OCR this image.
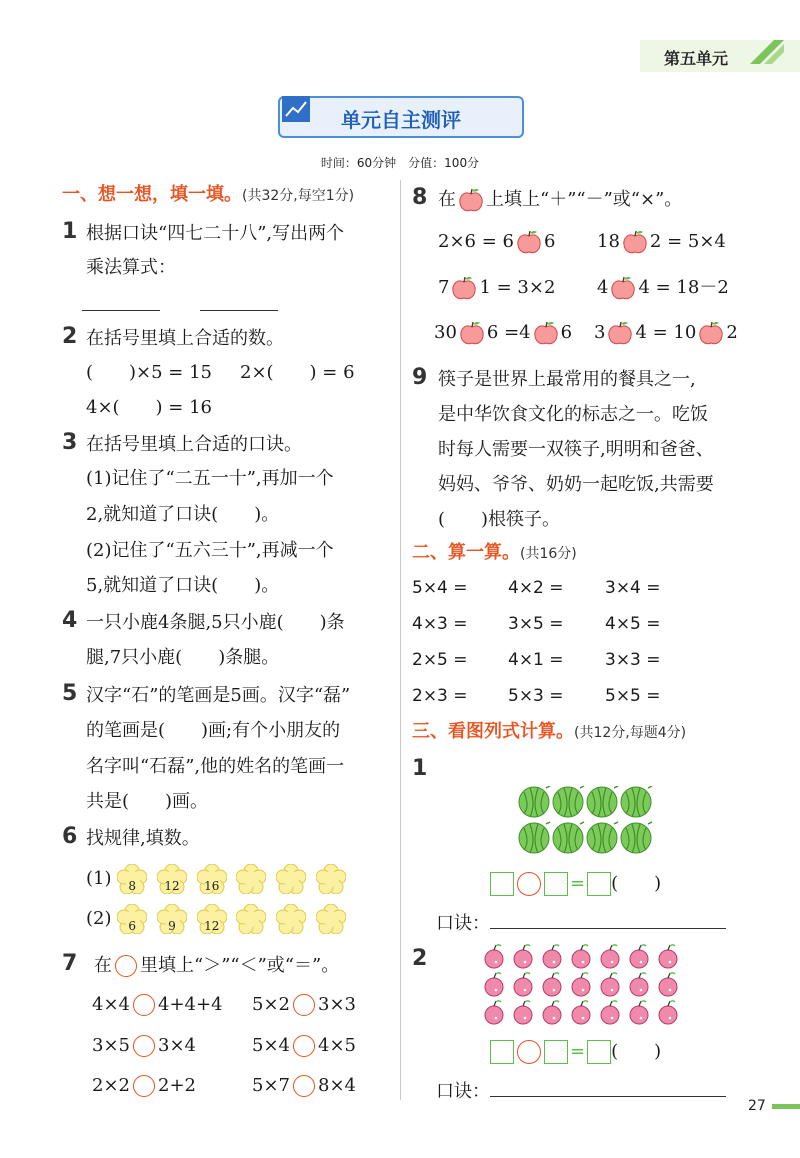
第五单元
单元自主测评
时间：60分钟　分值：100分
一、想一想，填一填。(共32分,每空1分)
1 根据口诀“四七二十八”,写出两个
乘法算式：
2 在括号里填上合适的数。
(　　)×5 = 15 2×(　　) = 6
4×(　　) = 16
3 在括号里填上合适的口诀。
(1)记住了“二五一十”,再加一个
2,就知道了口诀(　　)。
(2)记住了“五六三十”,再减一个
5,就知道了口诀(　　)。
4 一只小鹿4条腿,5只小鹿(　　)条
腿,7只小鹿(　　)条腿。
5 汉字“石”的笔画是5画。汉字“磊”
的笔画是(　　)画;有个小朋友的
名字叫“石磊”,他的姓名的笔画一
共是(　　)画。
6 找规律,填数。
(1)	8
	12
	16

(2)	6
	9
	12

7 在 里填上“＞”“＜”或“＝”。
4×4 4+4+4 5×2 3×3
3×5 3×4	5×4 4×5
2×2 2+2	5×7 8×4
8 在 上填上“＋”“－”或“×”。
2×6 = 6 6 18 2 = 5×4
7 1 = 3×2 4 4 = 18－2
30 6 =4 6 3 4 = 10 2
9 筷子是世界上最常用的餐具之一,
是中华饮食文化的标志之一。吃饭
时每人需要一双筷子,明明和爸爸、
妈妈、爷爷、奶奶一起吃饭,共需要
(　　)根筷子。
二、算一算。(共16分)
5×4 = 4×2 = 3×4 =
4×3 = 3×5 = 4×5 =
2×5 = 4×1 = 3×3 =
2×3 = 5×3 = 5×5 =
三、看图列式计算。(共12分,每题4分)
1
= (　　)
口诀：
2
= (　　)
口诀：
27
